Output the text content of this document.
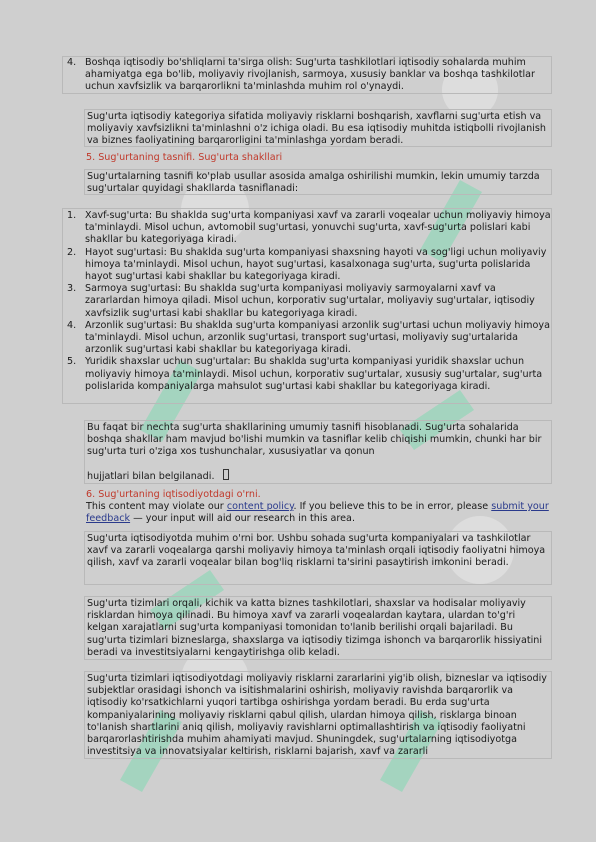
4. Boshqa iqtisodiy bo'shliqlarni ta'sirga olish: Sug'urta tashkilotlari iqtisodiy sohalarda muhim ahamiyatga ega bo'lib, moliyaviy rivojlanish, sarmoya, xususiy banklar va boshqa tashkilotlar uchun xavfsizlik va barqarorlikni ta'minlashda muhim rol o'ynaydi.

Sug'urta iqtisodiy kategoriya sifatida moliyaviy risklarni boshqarish, xavflarni sug'urta etish va moliyaviy xavfsizlikni ta'minlashni o'z ichiga oladi. Bu esa iqtisodiy muhitda istiqbolli rivojlanish va biznes faoliyatining barqarorligini ta'minlashga yordam beradi.

5. Sug'urtaning tasnifi. Sug'urta shakllari

Sug'urtalarning tasnifi ko'plab usullar asosida amalga oshirilishi mumkin, lekin umumiy tarzda sug'urtalar quyidagi shakllarda tasniflanadi:

1. Xavf-sug'urta: Bu shaklda sug'urta kompaniyasi xavf va zararli voqealar uchun moliyaviy himoya ta'minlaydi. Misol uchun, avtomobil sug'urtasi, yonuvchi sug'urta, xavf-sug'urta polislari kabi shakllar bu kategoriyaga kiradi.

2. Hayot sug'urtasi: Bu shaklda sug'urta kompaniyasi shaxsning hayoti va sog'ligi uchun moliyaviy himoya ta'minlaydi. Misol uchun, hayot sug'urtasi, kasalxonaga sug'urta, sug'urta polislarida hayot sug'urtasi kabi shakllar bu kategoriyaga kiradi.

3. Sarmoya sug'urtasi: Bu shaklda sug'urta kompaniyasi moliyaviy sarmoyalarni xavf va zararlardan himoya qiladi. Misol uchun, korporativ sug'urtalar, moliyaviy sug'urtalar, iqtisodiy xavfsizlik sug'urtasi kabi shakllar bu kategoriyaga kiradi.

4. Arzonlik sug'urtasi: Bu shaklda sug'urta kompaniyasi arzonlik sug'urtasi uchun moliyaviy himoya ta'minlaydi. Misol uchun, arzonlik sug'urtasi, transport sug'urtasi, moliyaviy sug'urtalarida arzonlik sug'urtasi kabi shakllar bu kategoriyaga kiradi.

5. Yuridik shaxslar uchun sug'urtalar: Bu shaklda sug'urta kompaniyasi yuridik shaxslar uchun moliyaviy himoya ta'minlaydi. Misol uchun, korporativ sug'urtalar, xususiy sug'urtalar, sug'urta polislarida kompaniyalarga mahsulot sug'urtasi kabi shakllar bu kategoriyaga kiradi.

Bu faqat bir nechta sug'urta shakllarining umumiy tasnifi hisoblanadi. Sug'urta sohalarida boshqa shakllar ham mavjud bo'lishi mumkin va tasniflar kelib chiqishi mumkin, chunki har bir sug'urta turi o'ziga xos tushunchalar, xususiyatlar va qonun

hujjatlari bilan belgilanadi.

6. Sug'urtaning iqtisodiyotdagi o'rni.
This content may violate our content policy. If you believe this to be in error, please submit your feedback — your input will aid our research in this area.

Sug'urta iqtisodiyotda muhim o'rni bor. Ushbu sohada sug'urta kompaniyalari va tashkilotlar xavf va zararli voqealarga qarshi moliyaviy himoya ta'minlash orqali iqtisodiy faoliyatni himoya qilish, xavf va zararli voqealar bilan bog'liq risklarni ta'sirini pasaytirish imkonini beradi.

Sug'urta tizimlari orqali, kichik va katta biznes tashkilotlari, shaxslar va hodisalar moliyaviy risklardan himoya qilinadi. Bu himoya xavf va zararli voqealardan kaytara, ulardan to'g'ri kelgan xarajatlarni sug'urta kompaniyasi tomonidan to'lanib berilishi orqali bajariladi. Bu sug'urta tizimlari bizneslarga, shaxslarga va iqtisodiy tizimga ishonch va barqarorlik hissiyatini beradi va investitsiyalarni kengaytirishga olib keladi.

Sug'urta tizimlari iqtisodiyotdagi moliyaviy risklarni zararlarini yig'ib olish, bizneslar va iqtisodiy subjektlar orasidagi ishonch va isitishmalarini oshirish, moliyaviy ravishda barqarorlik va iqtisodiy ko'rsatkichlarni yuqori tartibga oshirishga yordam beradi. Bu erda sug'urta kompaniyalarining moliyaviy risklarni qabul qilish, ulardan himoya qilish, risklarga binoan to'lanish shartlarini aniq qilish, moliyaviy ravishlarni optimallashtirish va iqtisodiy faoliyatni barqarorlashtirishda muhim ahamiyati mavjud. Shuningdek, sug'urtalarning iqtisodiyotga investitsiya va innovatsiyalar keltirish, risklarni bajarish, xavf va zararli
